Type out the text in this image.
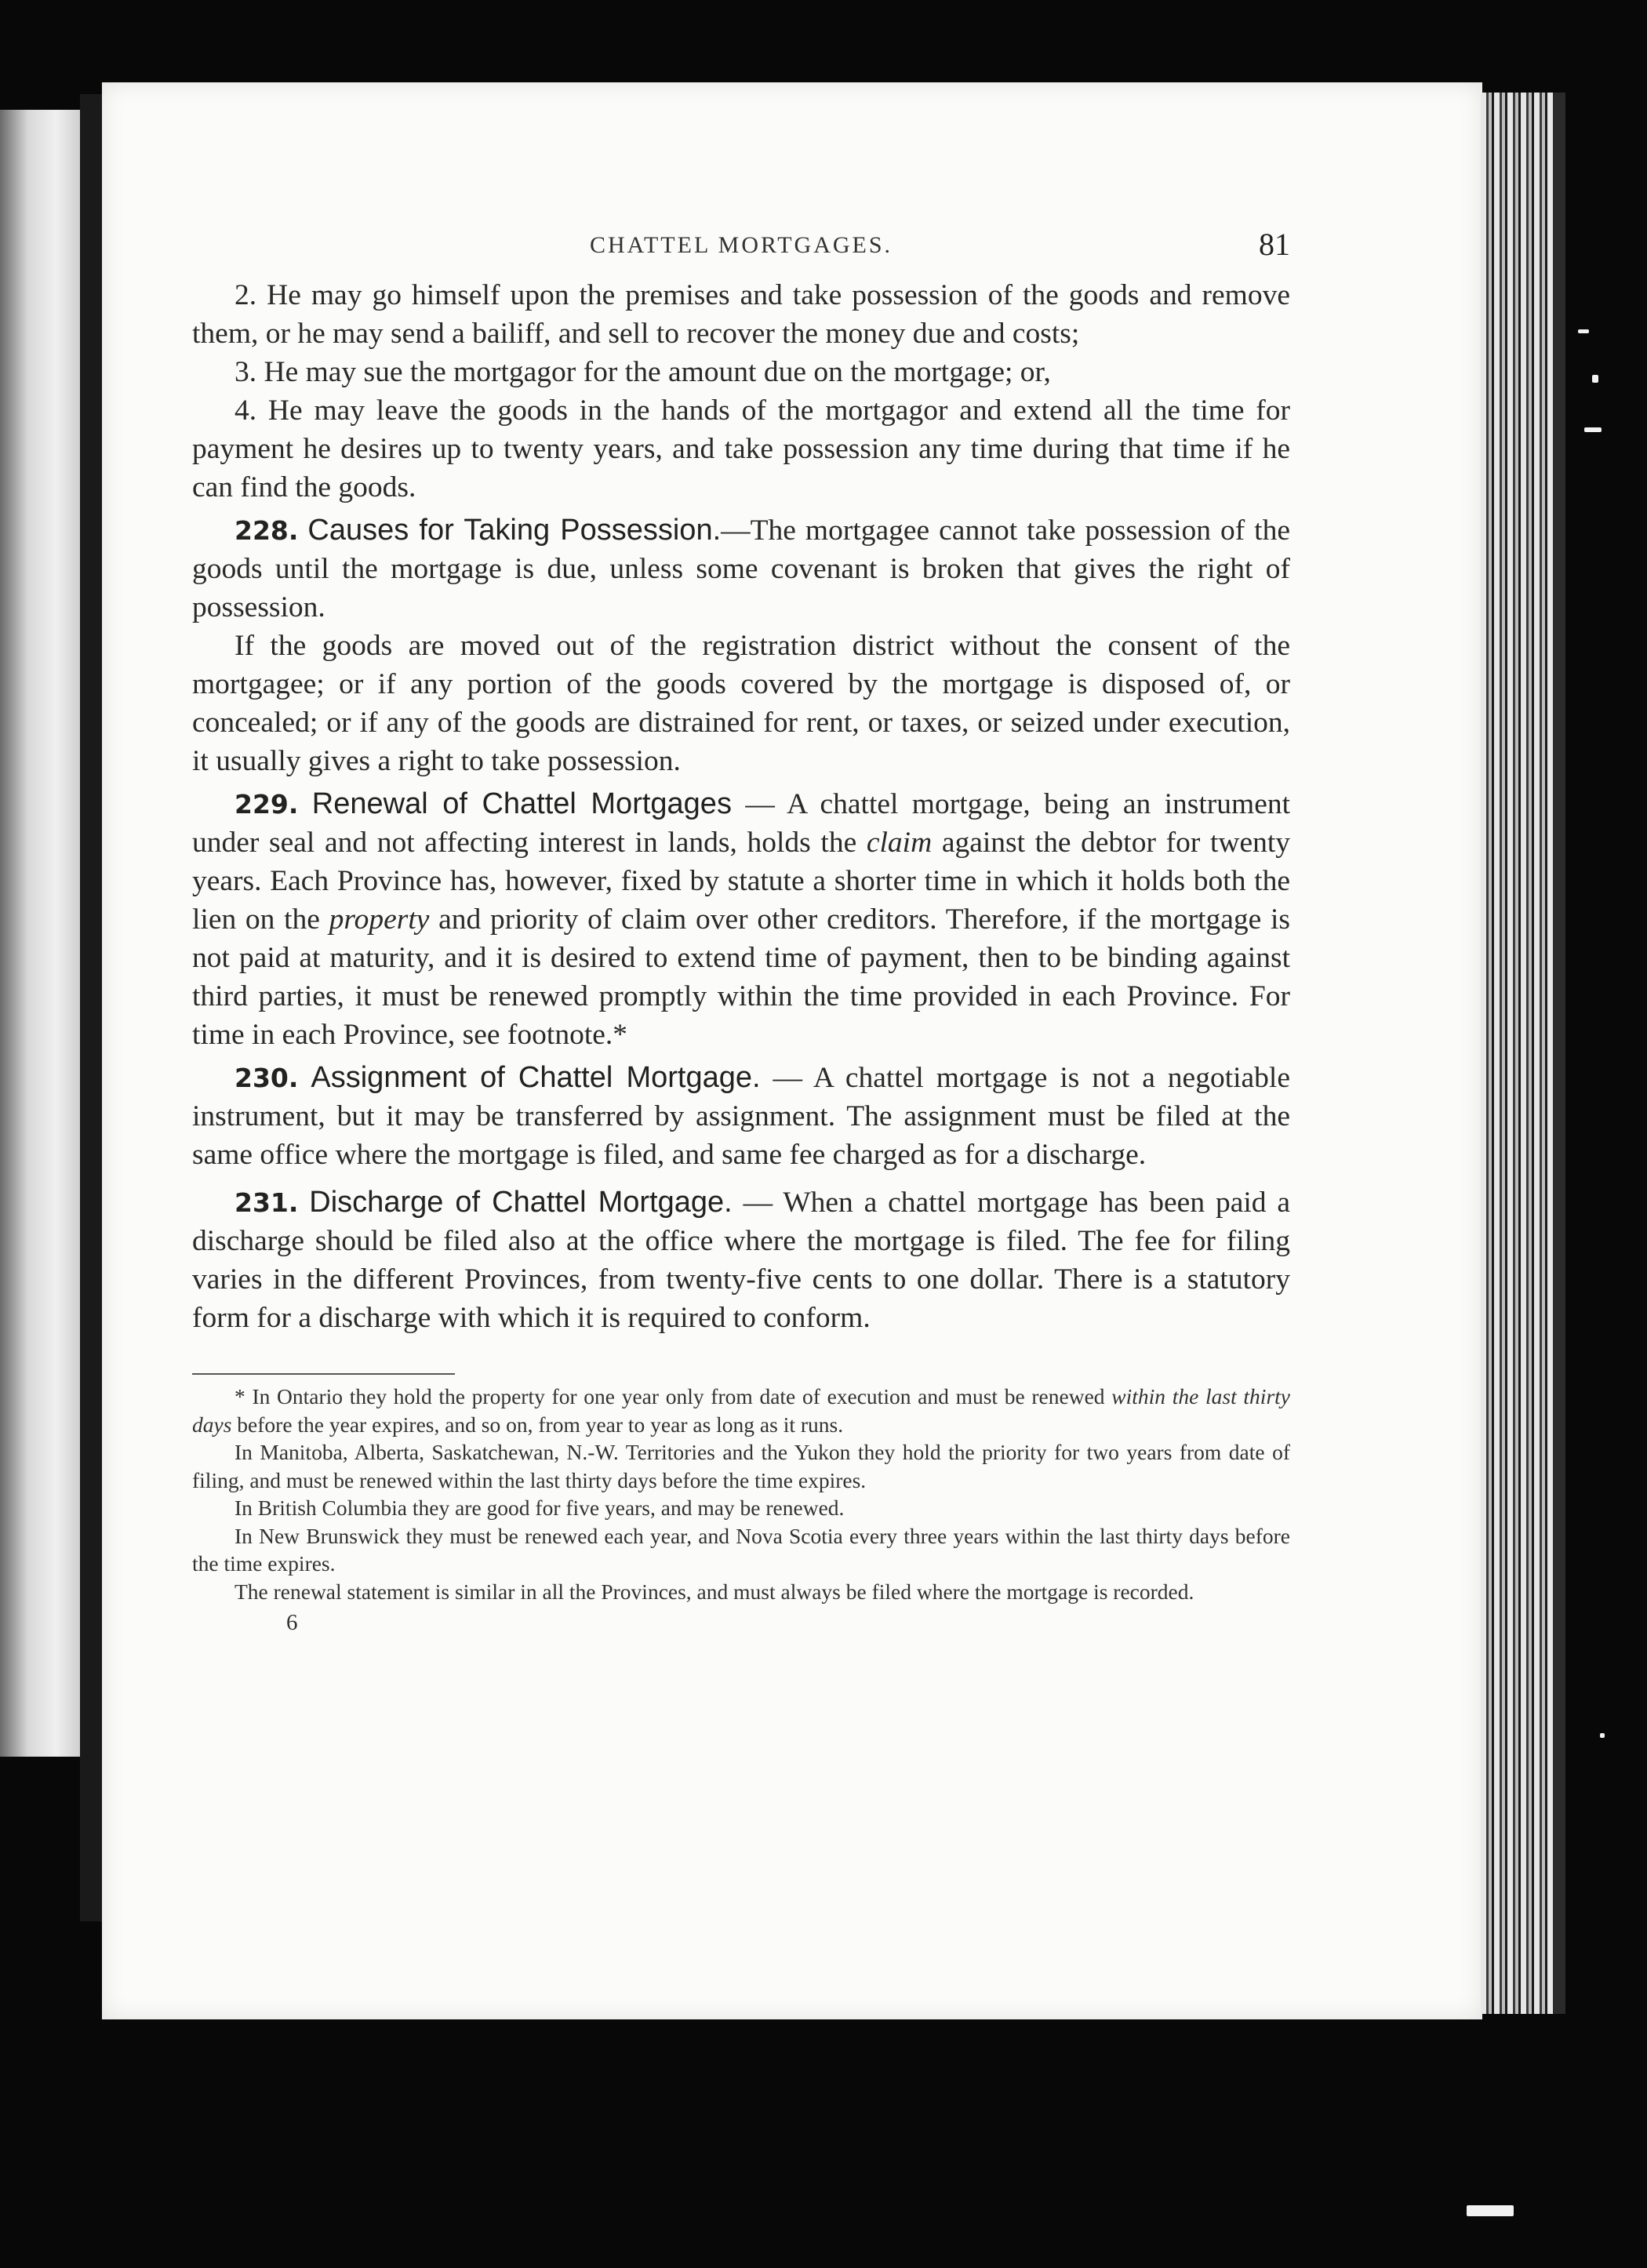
CHATTEL MORTGAGES.	81

2. He may go himself upon the premises and take possession of the goods and remove them, or he may send a bailiff, and sell to recover the money due and costs;

3. He may sue the mortgagor for the amount due on the mortgage; or,

4. He may leave the goods in the hands of the mortgagor and extend all the time for payment he desires up to twenty years, and take possession any time during that time if he can find the goods.

228. Causes for Taking Possession.—The mortgagee cannot take possession of the goods until the mortgage is due, unless some covenant is broken that gives the right of possession.

If the goods are moved out of the registration district without the consent of the mortgagee; or if any portion of the goods covered by the mortgage is disposed of, or concealed; or if any of the goods are distrained for rent, or taxes, or seized under execution, it usually gives a right to take possession.

229. Renewal of Chattel Mortgages — A chattel mortgage, being an instrument under seal and not affecting interest in lands, holds the claim against the debtor for twenty years. Each Province has, however, fixed by statute a shorter time in which it holds both the lien on the property and priority of claim over other creditors. Therefore, if the mortgage is not paid at maturity, and it is desired to extend time of payment, then to be binding against third parties, it must be renewed promptly within the time provided in each Province. For time in each Province, see footnote.*

230. Assignment of Chattel Mortgage. — A chattel mortgage is not a negotiable instrument, but it may be transferred by assignment. The assignment must be filed at the same office where the mortgage is filed, and same fee charged as for a discharge.

231. Discharge of Chattel Mortgage. — When a chattel mortgage has been paid a discharge should be filed also at the office where the mortgage is filed. The fee for filing varies in the different Provinces, from twenty-five cents to one dollar. There is a statutory form for a discharge with which it is required to conform.

* In Ontario they hold the property for one year only from date of execution and must be renewed within the last thirty days before the year expires, and so on, from year to year as long as it runs.

In Manitoba, Alberta, Saskatchewan, N.-W. Territories and the Yukon they hold the priority for two years from date of filing, and must be renewed within the last thirty days before the time expires.

In British Columbia they are good for five years, and may be renewed.

In New Brunswick they must be renewed each year, and Nova Scotia every three years within the last thirty days before the time expires.

The renewal statement is similar in all the Provinces, and must always be filed where the mortgage is recorded.

6
